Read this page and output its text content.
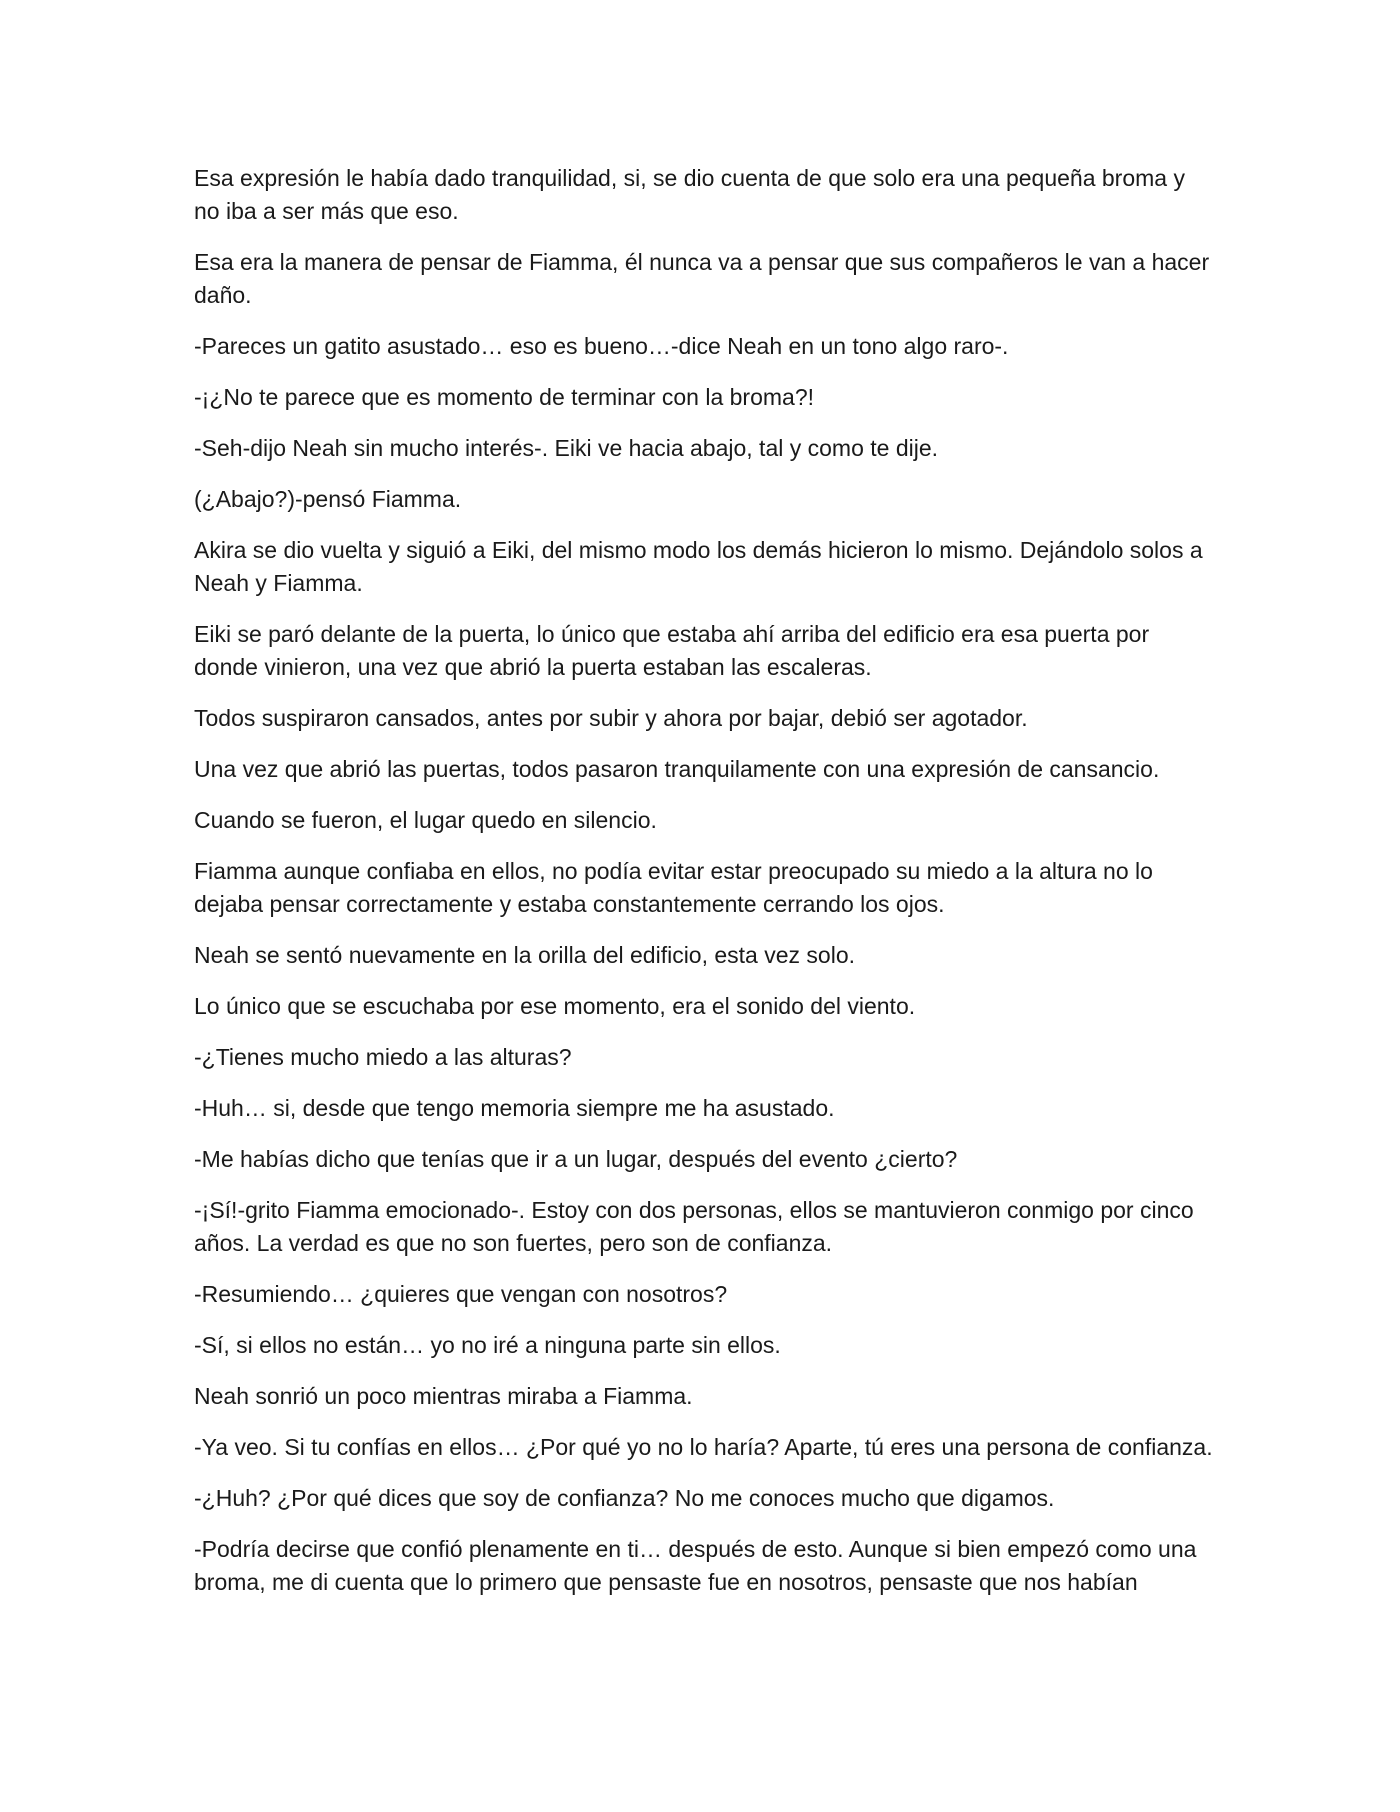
Esa expresión le había dado tranquilidad, si, se dio cuenta de que solo era una pequeña broma y no iba a ser más que eso.

Esa era la manera de pensar de Fiamma, él nunca va a pensar que sus compañeros le van a hacer daño.

-Pareces un gatito asustado… eso es bueno…-dice Neah en un tono algo raro-.

-¡¿No te parece que es momento de terminar con la broma?!

-Seh-dijo Neah sin mucho interés-. Eiki ve hacia abajo, tal y como te dije.

(¿Abajo?)-pensó Fiamma.

Akira se dio vuelta y siguió a Eiki, del mismo modo los demás hicieron lo mismo. Dejándolo solos a Neah y Fiamma.

Eiki se paró delante de la puerta, lo único que estaba ahí arriba del edificio era esa puerta por donde vinieron, una vez que abrió la puerta estaban las escaleras.

Todos suspiraron cansados, antes por subir y ahora por bajar, debió ser agotador.

Una vez que abrió las puertas, todos pasaron tranquilamente con una expresión de cansancio.

Cuando se fueron, el lugar quedo en silencio.

Fiamma aunque confiaba en ellos, no podía evitar estar preocupado su miedo a la altura no lo dejaba pensar correctamente y estaba constantemente cerrando los ojos.

Neah se sentó nuevamente en la orilla del edificio, esta vez solo.

Lo único que se escuchaba por ese momento, era el sonido del viento.

-¿Tienes mucho miedo a las alturas?

-Huh… si, desde que tengo memoria siempre me ha asustado.

-Me habías dicho que tenías que ir a un lugar, después del evento ¿cierto?

-¡Sí!-grito Fiamma emocionado-. Estoy con dos personas, ellos se mantuvieron conmigo por cinco años. La verdad es que no son fuertes, pero son de confianza.

-Resumiendo… ¿quieres que vengan con nosotros?

-Sí, si ellos no están… yo no iré a ninguna parte sin ellos.

Neah sonrió un poco mientras miraba a Fiamma.

-Ya veo. Si tu confías en ellos… ¿Por qué yo no lo haría? Aparte, tú eres una persona de confianza.

-¿Huh? ¿Por qué dices que soy de confianza? No me conoces mucho que digamos.

-Podría decirse que confió plenamente en ti… después de esto. Aunque si bien empezó como una broma, me di cuenta que lo primero que pensaste fue en nosotros, pensaste que nos habían
